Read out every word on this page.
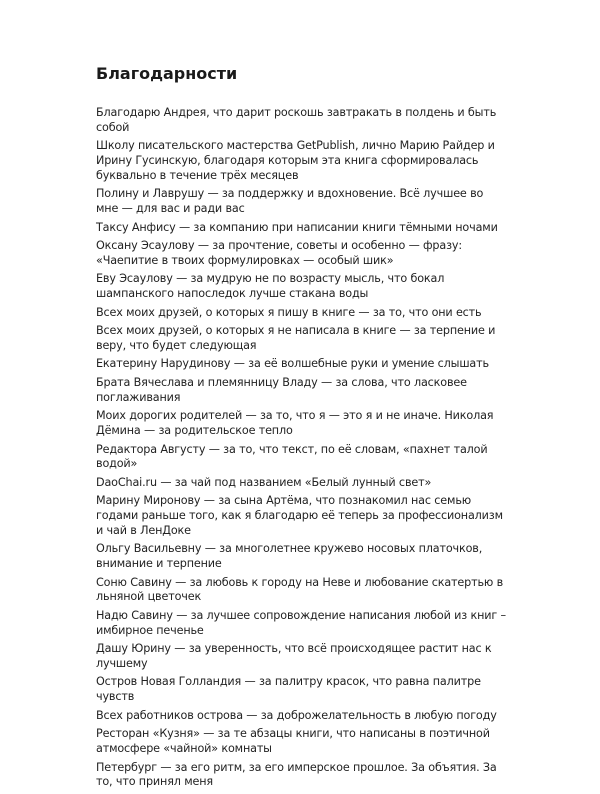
Благодарности
Благодарю Андрея, что дарит роскошь завтракать в полдень и быть собой
Школу писательского мастерства GetPublish, лично Марию Райдер и Ирину Гусинскую, благодаря которым эта книга сформировалась буквально в течение трёх месяцев
Полину и Лаврушу — за поддержку и вдохновение. Всё лучшее во мне — для вас и ради вас
Таксу Анфису — за компанию при написании книги тёмными ночами
Оксану Эсаулову — за прочтение, советы и особенно — фразу: «Чаепитие в твоих формулировках — особый шик»
Еву Эсаулову — за мудрую не по возрасту мысль, что бокал шампанского напоследок лучше стакана воды
Всех моих друзей, о которых я пишу в книге — за то, что они есть
Всех моих друзей, о которых я не написала в книге — за терпение и веру, что будет следующая
Екатерину Нарудинову — за её волшебные руки и умение слышать
Брата Вячеслава и племянницу Владу — за слова, что ласковее поглаживания
Моих дорогих родителей — за то, что я — это я и не иначе. Николая Дёмина — за родительское тепло
Редактора Августу — за то, что текст, по её словам, «пахнет талой водой»
DaoChai.ru — за чай под названием «Белый лунный свет»
Марину Миронову — за сына Артёма, что познакомил нас семью годами раньше того, как я благодарю её теперь за профессионализм и чай в ЛенДоке
Ольгу Васильевну — за многолетнее кружево носовых платочков, внимание и терпение
Соню Савину — за любовь к городу на Неве и любование скатертью в льняной цветочек
Надю Савину — за лучшее сопровождение написания любой из книг – имбирное печенье
Дашу Юрину — за уверенность, что всё происходящее растит нас к лучшему
Остров Новая Голландия — за палитру красок, что равна палитре чувств
Всех работников острова — за доброжелательность в любую погоду
Ресторан «Кузня» — за те абзацы книги, что написаны в поэтичной атмосфере «чайной» комнаты
Петербург — за его ритм, за его имперское прошлое. За объятия. За то, что принял меня
